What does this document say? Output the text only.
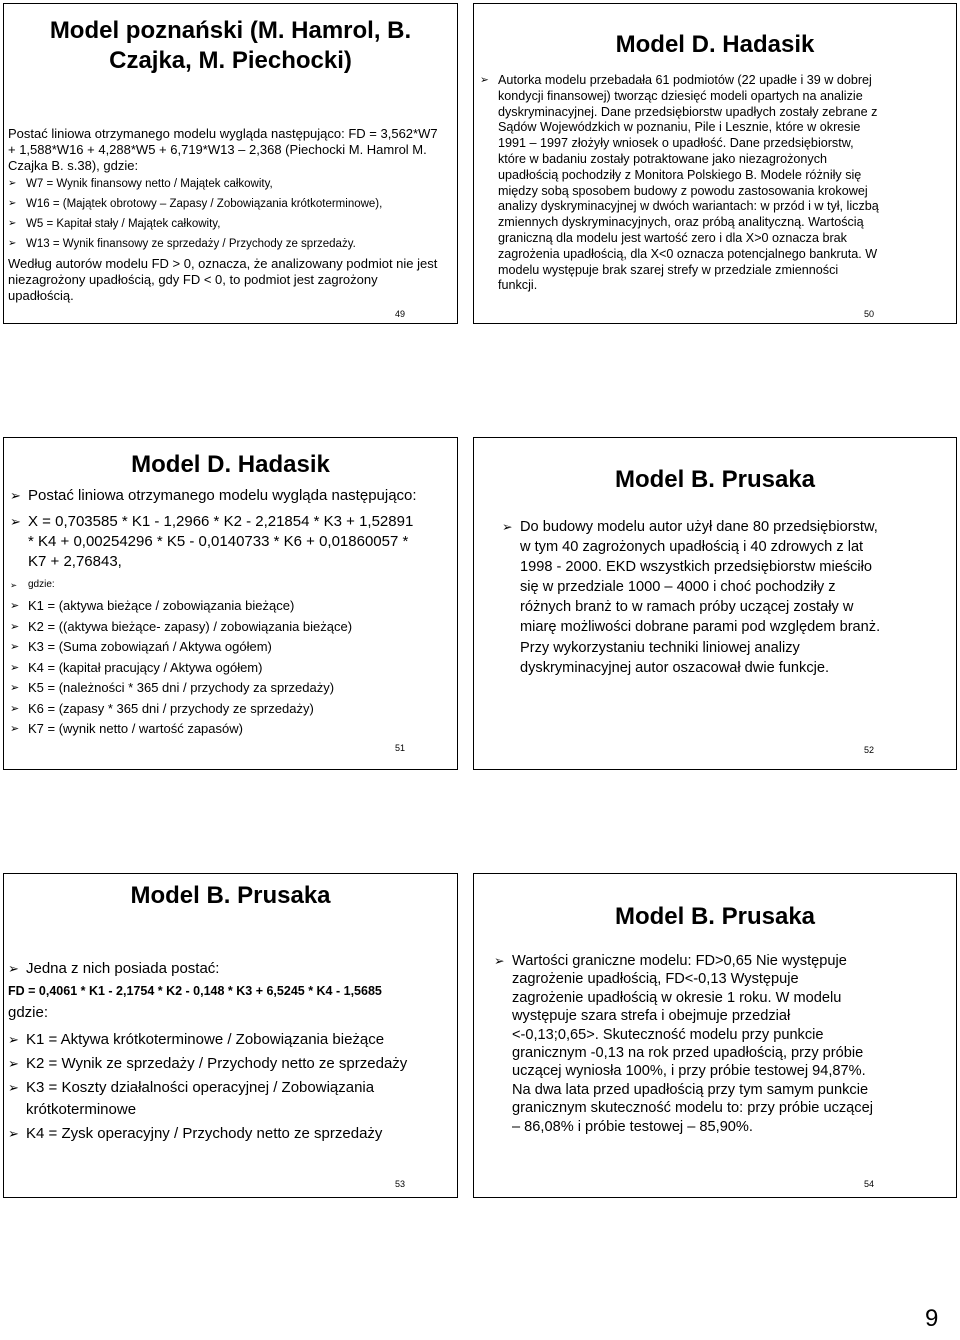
Model poznański (M. Hamrol, B. Czajka, M. Piechocki)

Postać liniowa otrzymanego modelu wygląda następująco: FD = 3,562*W7 + 1,588*W16 + 4,288*W5 + 6,719*W13 – 2,368 (Piechocki M. Hamrol M. Czajka B. s.38), gdzie:

➢ W7 = Wynik finansowy netto / Majątek całkowity,
➢ W16 = (Majątek obrotowy – Zapasy / Zobowiązania krótkoterminowe),
➢ W5 = Kapitał stały / Majątek całkowity,
➢ W13 = Wynik finansowy ze sprzedaży / Przychody ze sprzedaży.

Według autorów modelu FD > 0, oznacza, że analizowany podmiot nie jest niezagrożony upadłością, gdy FD < 0, to podmiot jest zagrożony upadłością.

49
Model D. Hadasik
➢ Autorka modelu przebadała 61 podmiotów (22 upadłe i 39 w dobrej kondycji finansowej) tworząc dziesięć modeli opartych na analizie dyskryminacyjnej. Dane przedsiębiorstw upadłych zostały zebrane z Sądów Wojewódzkich w poznaniu, Pile i Lesznie, które w okresie 1991 – 1997 złożyły wniosek o upadłość. Dane przedsiębiorstw, które w badaniu zostały potraktowane jako niezagrożonych upadłością pochodziły z Monitora Polskiego B. Modele różniły się między sobą sposobem budowy z powodu zastosowania krokowej analizy dyskryminacyjnej w dwóch wariantach: w przód i w tył, liczbą zmiennych dyskryminacyjnych, oraz próbą analityczną. Wartością graniczną dla modelu jest wartość zero i dla X>0 oznacza brak zagrożenia upadłością, dla X<0 oznacza potencjalnego bankruta. W modelu występuje brak szarej strefy w przedziale zmienności funkcji.
50
Model D. Hadasik
➢ Postać liniowa otrzymanego modelu wygląda następująco:
➢ X = 0,703585 * K1 - 1,2966 * K2 - 2,21854 * K3 + 1,52891 * K4 + 0,00254296 * K5 - 0,0140733 * K6 + 0,01860057 * K7 + 2,76843,
➢ gdzie:
➢ K1 = (aktywa bieżące / zobowiązania bieżące)
➢ K2 = ((aktywa bieżące- zapasy) / zobowiązania bieżące)
➢ K3 = (Suma zobowiązań / Aktywa ogółem)
➢ K4 = (kapitał pracujący / Aktywa ogółem)
➢ K5 = (należności * 365 dni / przychody za sprzedaży)
➢ K6 = (zapasy * 365 dni / przychody ze sprzedaży)
➢ K7 = (wynik netto / wartość zapasów)
51
Model B. Prusaka
➢ Do budowy modelu autor użył dane 80 przedsiębiorstw, w tym 40 zagrożonych upadłością i 40 zdrowych z lat 1998 - 2000. EKD wszystkich przedsiębiorstw mieściło się w przedziale 1000 – 4000 i choć pochodziły z różnych branż to w ramach próby uczącej zostały w miarę możliwości dobrane parami pod względem branż. Przy wykorzystaniu techniki liniowej analizy dyskryminacyjnej autor oszacował dwie funkcje.
52
Model B. Prusaka
➢ Jedna z nich posiada postać:

FD = 0,4061 * K1 - 2,1754 * K2 - 0,148 * K3 + 6,5245 * K4 - 1,5685

gdzie:

➢ K1 = Aktywa krótkoterminowe / Zobowiązania bieżące
➢ K2 = Wynik ze sprzedaży / Przychody netto ze sprzedaży
➢ K3 = Koszty działalności operacyjnej / Zobowiązania krótkoterminowe
➢ K4 = Zysk operacyjny / Przychody netto ze sprzedaży
53
Model B. Prusaka
➢ Wartości graniczne modelu: FD>0,65 Nie występuje zagrożenie upadłością, FD<-0,13 Występuje zagrożenie upadłością w okresie 1 roku. W modelu występuje szara strefa i obejmuje przedział <-0,13;0,65>. Skuteczność modelu przy punkcie granicznym -0,13 na rok przed upadłością, przy próbie uczącej wyniosła 100%, i przy próbie testowej 94,87%. Na dwa lata przed upadłością przy tym samym punkcie granicznym skuteczność modelu to: przy próbie uczącej – 86,08% i próbie testowej – 85,90%.
54
9
